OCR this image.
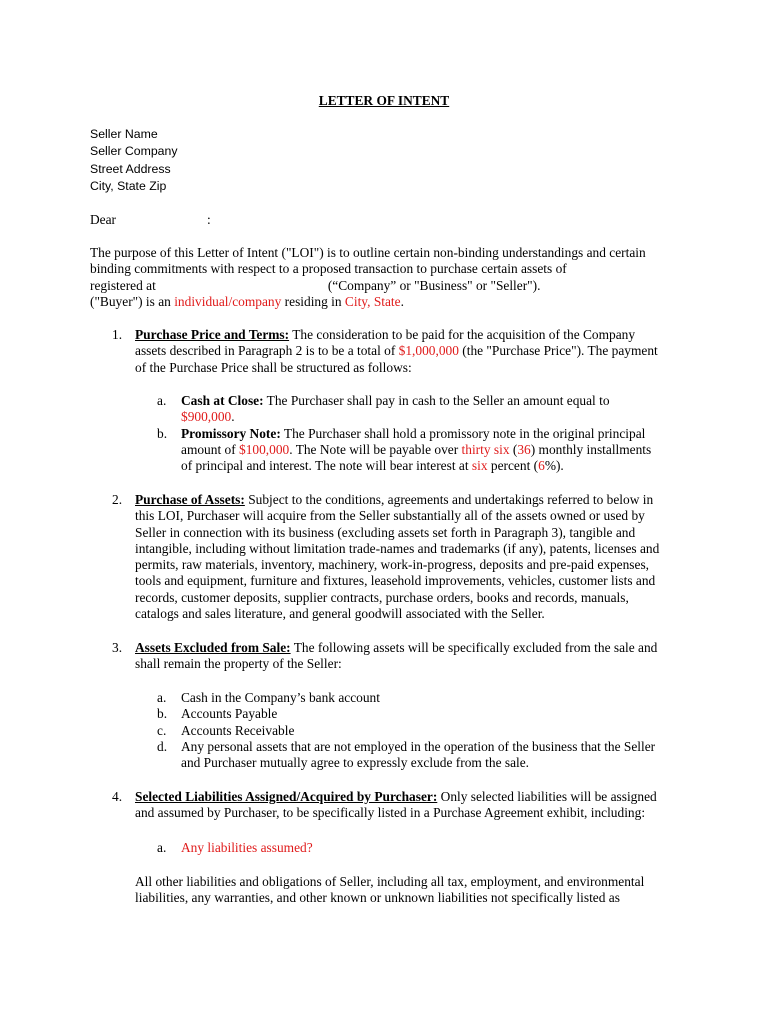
LETTER OF INTENT
Seller Name
Seller Company
Street Address
City, State Zip
Dear	:
The purpose of this Letter of Intent ("LOI") is to outline certain non-binding understandings and certain
binding commitments with respect to a proposed transaction to purchase certain assets of
registered at	(“Company” or "Business" or "Seller").
("Buyer") is an individual/company residing in City, State.
1. Purchase Price and Terms: The consideration to be paid for the acquisition of the Company
assets described in Paragraph 2 is to be a total of $1,000,000 (the "Purchase Price"). The payment
of the Purchase Price shall be structured as follows:
a. Cash at Close: The Purchaser shall pay in cash to the Seller an amount equal to
$900,000.
b. Promissory Note: The Purchaser shall hold a promissory note in the original principal
amount of $100,000. The Note will be payable over thirty six (36) monthly installments
of principal and interest. The note will bear interest at six percent (6%).
2. Purchase of Assets: Subject to the conditions, agreements and undertakings referred to below in
this LOI, Purchaser will acquire from the Seller substantially all of the assets owned or used by
Seller in connection with its business (excluding assets set forth in Paragraph 3), tangible and
intangible, including without limitation trade-names and trademarks (if any), patents, licenses and
permits, raw materials, inventory, machinery, work-in-progress, deposits and pre-paid expenses,
tools and equipment, furniture and fixtures, leasehold improvements, vehicles, customer lists and
records, customer deposits, supplier contracts, purchase orders, books and records, manuals,
catalogs and sales literature, and general goodwill associated with the Seller.
3. Assets Excluded from Sale: The following assets will be specifically excluded from the sale and
shall remain the property of the Seller:
a. Cash in the Company’s bank account
b. Accounts Payable
c. Accounts Receivable
d. Any personal assets that are not employed in the operation of the business that the Seller
and Purchaser mutually agree to expressly exclude from the sale.
4. Selected Liabilities Assigned/Acquired by Purchaser: Only selected liabilities will be assigned
and assumed by Purchaser, to be specifically listed in a Purchase Agreement exhibit, including:
a. Any liabilities assumed?
All other liabilities and obligations of Seller, including all tax, employment, and environmental
liabilities, any warranties, and other known or unknown liabilities not specifically listed as
